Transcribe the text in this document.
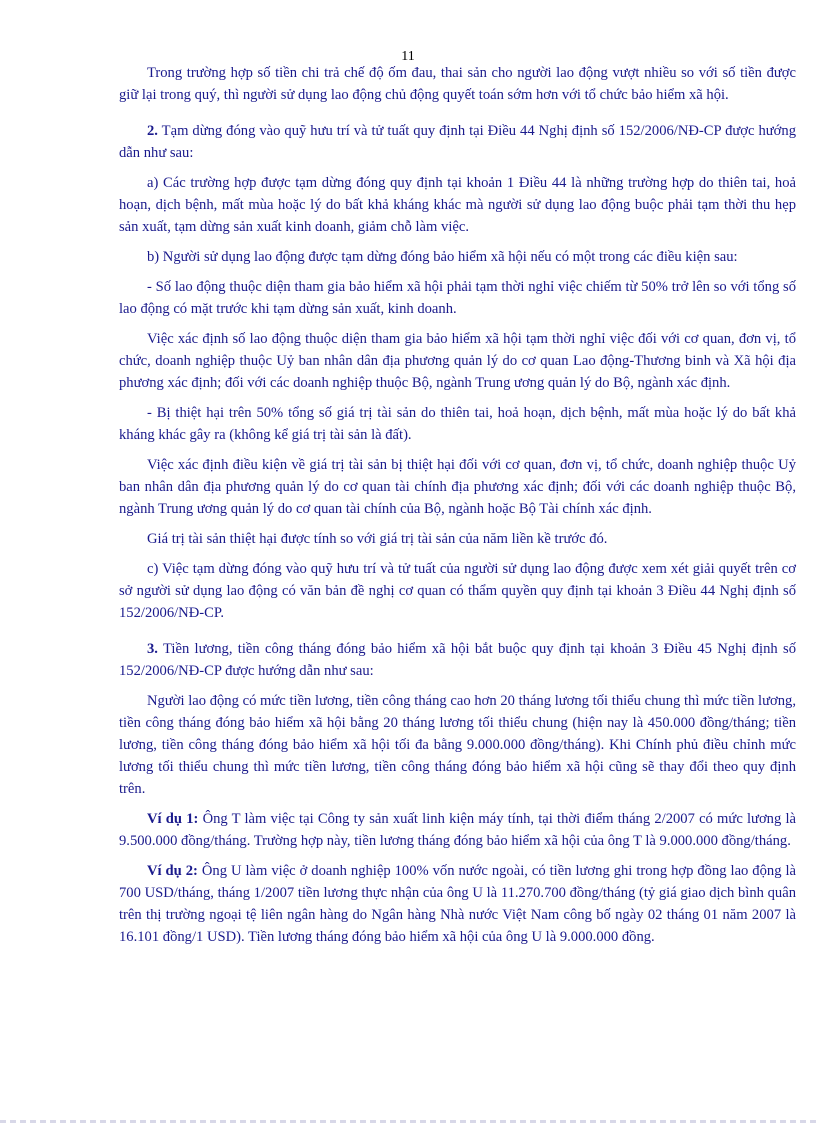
11

Trong trường hợp số tiền chi trả chế độ ốm đau, thai sản cho người lao động vượt nhiều so với số tiền được giữ lại trong quý, thì người sử dụng lao động chủ động quyết toán sớm hơn với tổ chức bảo hiểm xã hội.

2. Tạm dừng đóng vào quỹ hưu trí và tử tuất quy định tại Điều 44 Nghị định số 152/2006/NĐ-CP được hướng dẫn như sau:

a) Các trường hợp được tạm dừng đóng quy định tại khoản 1 Điều 44 là những trường hợp do thiên tai, hoả hoạn, dịch bệnh, mất mùa hoặc lý do bất khả kháng khác mà người sử dụng lao động buộc phải tạm thời thu hẹp sản xuất, tạm dừng sản xuất kinh doanh, giảm chỗ làm việc.

b) Người sử dụng lao động được tạm dừng đóng bảo hiểm xã hội nếu có một trong các điều kiện sau:

- Số lao động thuộc diện tham gia bảo hiểm xã hội phải tạm thời nghỉ việc chiếm từ 50% trở lên so với tổng số lao động có mặt trước khi tạm dừng sản xuất, kinh doanh.

Việc xác định số lao động thuộc diện tham gia bảo hiểm xã hội tạm thời nghỉ việc đối với cơ quan, đơn vị, tổ chức, doanh nghiệp thuộc Uỷ ban nhân dân địa phương quản lý do cơ quan Lao động-Thương binh và Xã hội địa phương xác định; đối với các doanh nghiệp thuộc Bộ, ngành Trung ương quản lý do Bộ, ngành xác định.

- Bị thiệt hại trên 50% tổng số giá trị tài sản do thiên tai, hoả hoạn, dịch bệnh, mất mùa hoặc lý do bất khả kháng khác gây ra (không kể giá trị tài sản là đất).

Việc xác định điều kiện về giá trị tài sản bị thiệt hại đối với cơ quan, đơn vị, tổ chức, doanh nghiệp thuộc Uỷ ban nhân dân địa phương quản lý do cơ quan tài chính địa phương xác định; đối với các doanh nghiệp thuộc Bộ, ngành Trung ương quản lý do cơ quan tài chính của Bộ, ngành hoặc Bộ Tài chính xác định.

Giá trị tài sản thiệt hại được tính so với giá trị tài sản của năm liền kề trước đó.

c) Việc tạm dừng đóng vào quỹ hưu trí và tử tuất của người sử dụng lao động được xem xét giải quyết trên cơ sở người sử dụng lao động có văn bản đề nghị cơ quan có thẩm quyền quy định tại khoản 3 Điều 44 Nghị định số 152/2006/NĐ-CP.

3. Tiền lương, tiền công tháng đóng bảo hiểm xã hội bắt buộc quy định tại khoản 3 Điều 45 Nghị định số 152/2006/NĐ-CP được hướng dẫn như sau:

Người lao động có mức tiền lương, tiền công tháng cao hơn 20 tháng lương tối thiểu chung thì mức tiền lương, tiền công tháng đóng bảo hiểm xã hội bằng 20 tháng lương tối thiểu chung (hiện nay là 450.000 đồng/tháng; tiền lương, tiền công tháng đóng bảo hiểm xã hội tối đa bằng 9.000.000 đồng/tháng). Khi Chính phủ điều chỉnh mức lương tối thiểu chung thì mức tiền lương, tiền công tháng đóng bảo hiểm xã hội cũng sẽ thay đổi theo quy định trên.

Ví dụ 1: Ông T làm việc tại Công ty sản xuất linh kiện máy tính, tại thời điểm tháng 2/2007 có mức lương là 9.500.000 đồng/tháng. Trường hợp này, tiền lương tháng đóng bảo hiểm xã hội của ông T là 9.000.000 đồng/tháng.

Ví dụ 2: Ông U làm việc ở doanh nghiệp 100% vốn nước ngoài, có tiền lương ghi trong hợp đồng lao động là 700 USD/tháng, tháng 1/2007 tiền lương thực nhận của ông U là 11.270.700 đồng/tháng (tỷ giá giao dịch bình quân trên thị trường ngoại tệ liên ngân hàng do Ngân hàng Nhà nước Việt Nam công bố ngày 02 tháng 01 năm 2007 là 16.101 đồng/1 USD). Tiền lương tháng đóng bảo hiểm xã hội của ông U là 9.000.000 đồng.
